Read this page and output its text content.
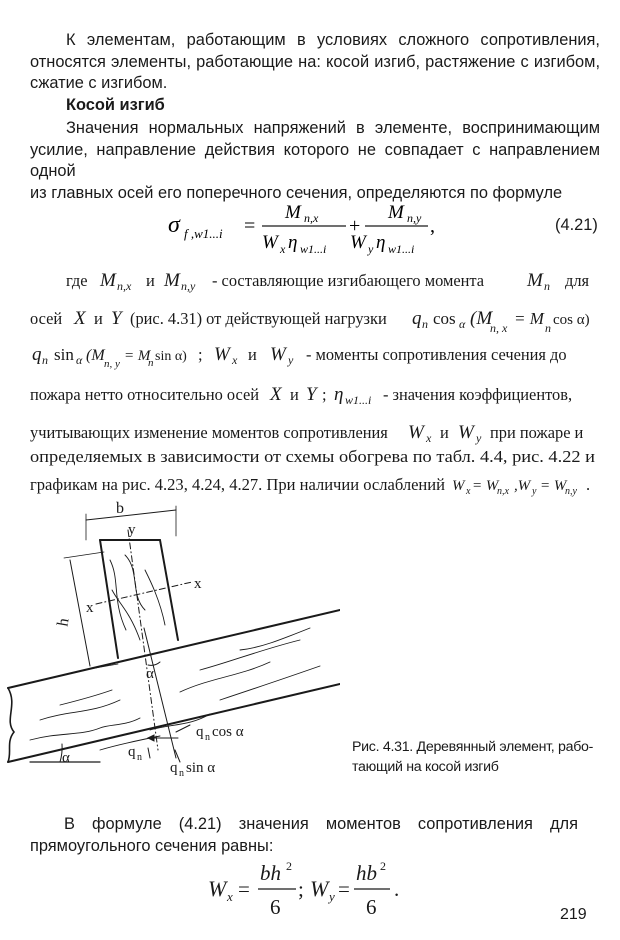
К элементам, работающим в условиях сложного сопротивления,
относятся элементы, работающие на: косой изгиб, растяжение с изгибом,
сжатие с изгибом.
Косой изгиб
Значения нормальных напряжений в элементе, воспринимающим
усилие, направление действия которого не совпадает с направлением одной
из главных осей его поперечного сечения, определяются по формуле
σ f ,w1...i =
M n,x
W x η w1...i
+
M n,y
W y η w1...i
,	(4.21)
где M n,x и M n,y - составляющие изгибающего момента M n для
осей X и Y (рис. 4.31) от действующей нагрузки q n cos α (M
n, x = M n cos α)
q n sin α (M n, y = M
n sin α) ; W x и W y - моменты сопротивления сечения до
пожара нетто относительно осей X и Y ; η w1...i - значения коэффициентов,
учитывающих изменение моментов сопротивления W x и W y при пожаре и
определяемых в зависимости от схемы обогрева по табл. 4.4, рис. 4.22 и
графикам на рис. 4.23, 4.24, 4.27. При наличии ослаблений W x = W
n,x ,W y = W
n,y .
b
y
h
x
x
α
α	q n
q n cos α
q n sin α
Рис. 4.31. Деревянный элемент, рабо-
тающий на косой изгиб
В формуле (4.21) значения моментов сопротивления для
прямоугольного сечения равны:
W x =
bh 2
6
; W y =
hb 2
6
.
219
